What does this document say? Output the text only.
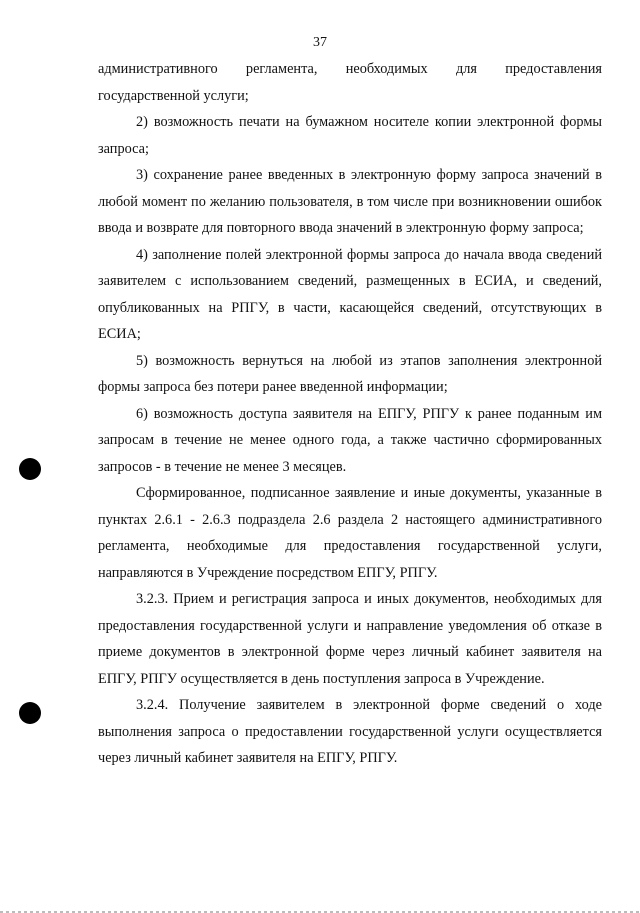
37

административного регламента, необходимых для предоставления государственной услуги;

2) возможность печати на бумажном носителе копии электронной формы запроса;

3) сохранение ранее введенных в электронную форму запроса значений в любой момент по желанию пользователя, в том числе при возникновении ошибок ввода и возврате для повторного ввода значений в электронную форму запроса;

4) заполнение полей электронной формы запроса до начала ввода сведений заявителем с использованием сведений, размещенных в ЕСИА, и сведений, опубликованных на РПГУ, в части, касающейся сведений, отсутствующих в ЕСИА;

5) возможность вернуться на любой из этапов заполнения электронной формы запроса без потери ранее введенной информации;

6) возможность доступа заявителя на ЕПГУ, РПГУ к ранее поданным им запросам в течение не менее одного года, а также частично сформированных запросов - в течение не менее 3 месяцев.

Сформированное, подписанное заявление и иные документы, указанные в пунктах 2.6.1 - 2.6.3 подраздела 2.6 раздела 2 настоящего административного регламента, необходимые для предоставления государственной услуги, направляются в Учреждение посредством ЕПГУ, РПГУ.

3.2.3. Прием и регистрация запроса и иных документов, необходимых для предоставления государственной услуги и направление уведомления об отказе в приеме документов в электронной форме через личный кабинет заявителя на ЕПГУ, РПГУ осуществляется в день поступления запроса в Учреждение.

3.2.4. Получение заявителем в электронной форме сведений о ходе выполнения запроса о предоставлении государственной услуги осуществляется через личный кабинет заявителя на ЕПГУ, РПГУ.
